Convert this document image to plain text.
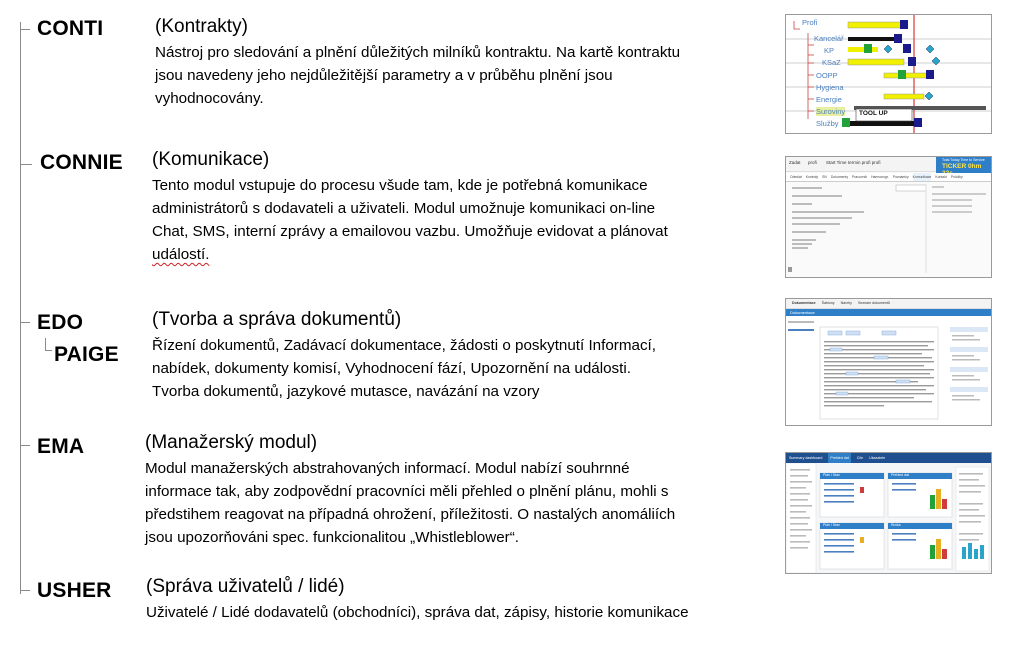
CONTI	(Kontrakty)
Nástroj pro sledování a plnění důležitých milníků kontraktu. Na kartě kontraktu
jsou navedeny jeho nejdůležitější parametry a v průběhu plnění jsou
vyhodnocovány.
CONNIE (Komunikace)
Tento modul vstupuje do procesu všude tam, kde je potřebná komunikace
administrátorů s dodavateli a uživateli. Modul umožnuje komunikaci on-line
Chat, SMS, interní zprávy a emailovou vazbu. Umožňuje evidovat a plánovat
událostí.
EDO
PAIGE
(Tvorba a správa dokumentů)
Řízení dokumentů, Zadávací dokumentace, žádosti o poskytnutí Informací,
nabídek, dokumenty komisí, Vyhodnocení fází, Upozornění na události.
Tvorba dokumentů, jazykové mutasce, navázání na vzory
EMA	(Manažerský modul)
Modul manažerských abstrahovaných informací. Modul nabízí souhrnné
informace tak, aby zodpovědní pracovníci měli přehled o plnění plánu, mohli s
předstihem reagovat na případná ohrožení, příležitosti. O nastalých anomáliích
jsou upozorňováni spec. funkcionalitou „Whistleblower“.
USHER (Správa uživatelů / lidé)
Uživatelé / Lidé dodavatelů (obchodníci), správa dat, zápisy, historie komunikace
Profi
Kancelář
KP
KSaZ
OOPP
Hygiena
Energie
Suroviny
Služby
TOOL UP
Zadat profi Start Time termin profi profi	Total Today Time to Service
TICKER 0hm
Odeslat Kontroly SN Dokumenty Pracovník Harmonogr. Poznámky Komunikace Kontakt Položky
Dokumentace Šablony Návrhy Seznam dokumentů
Dokumentace
Summary dashboard	Prehled dat	Cíle Ukazatele
Plán / Stav	Přehled dat
Plán / Stav	Rizika
